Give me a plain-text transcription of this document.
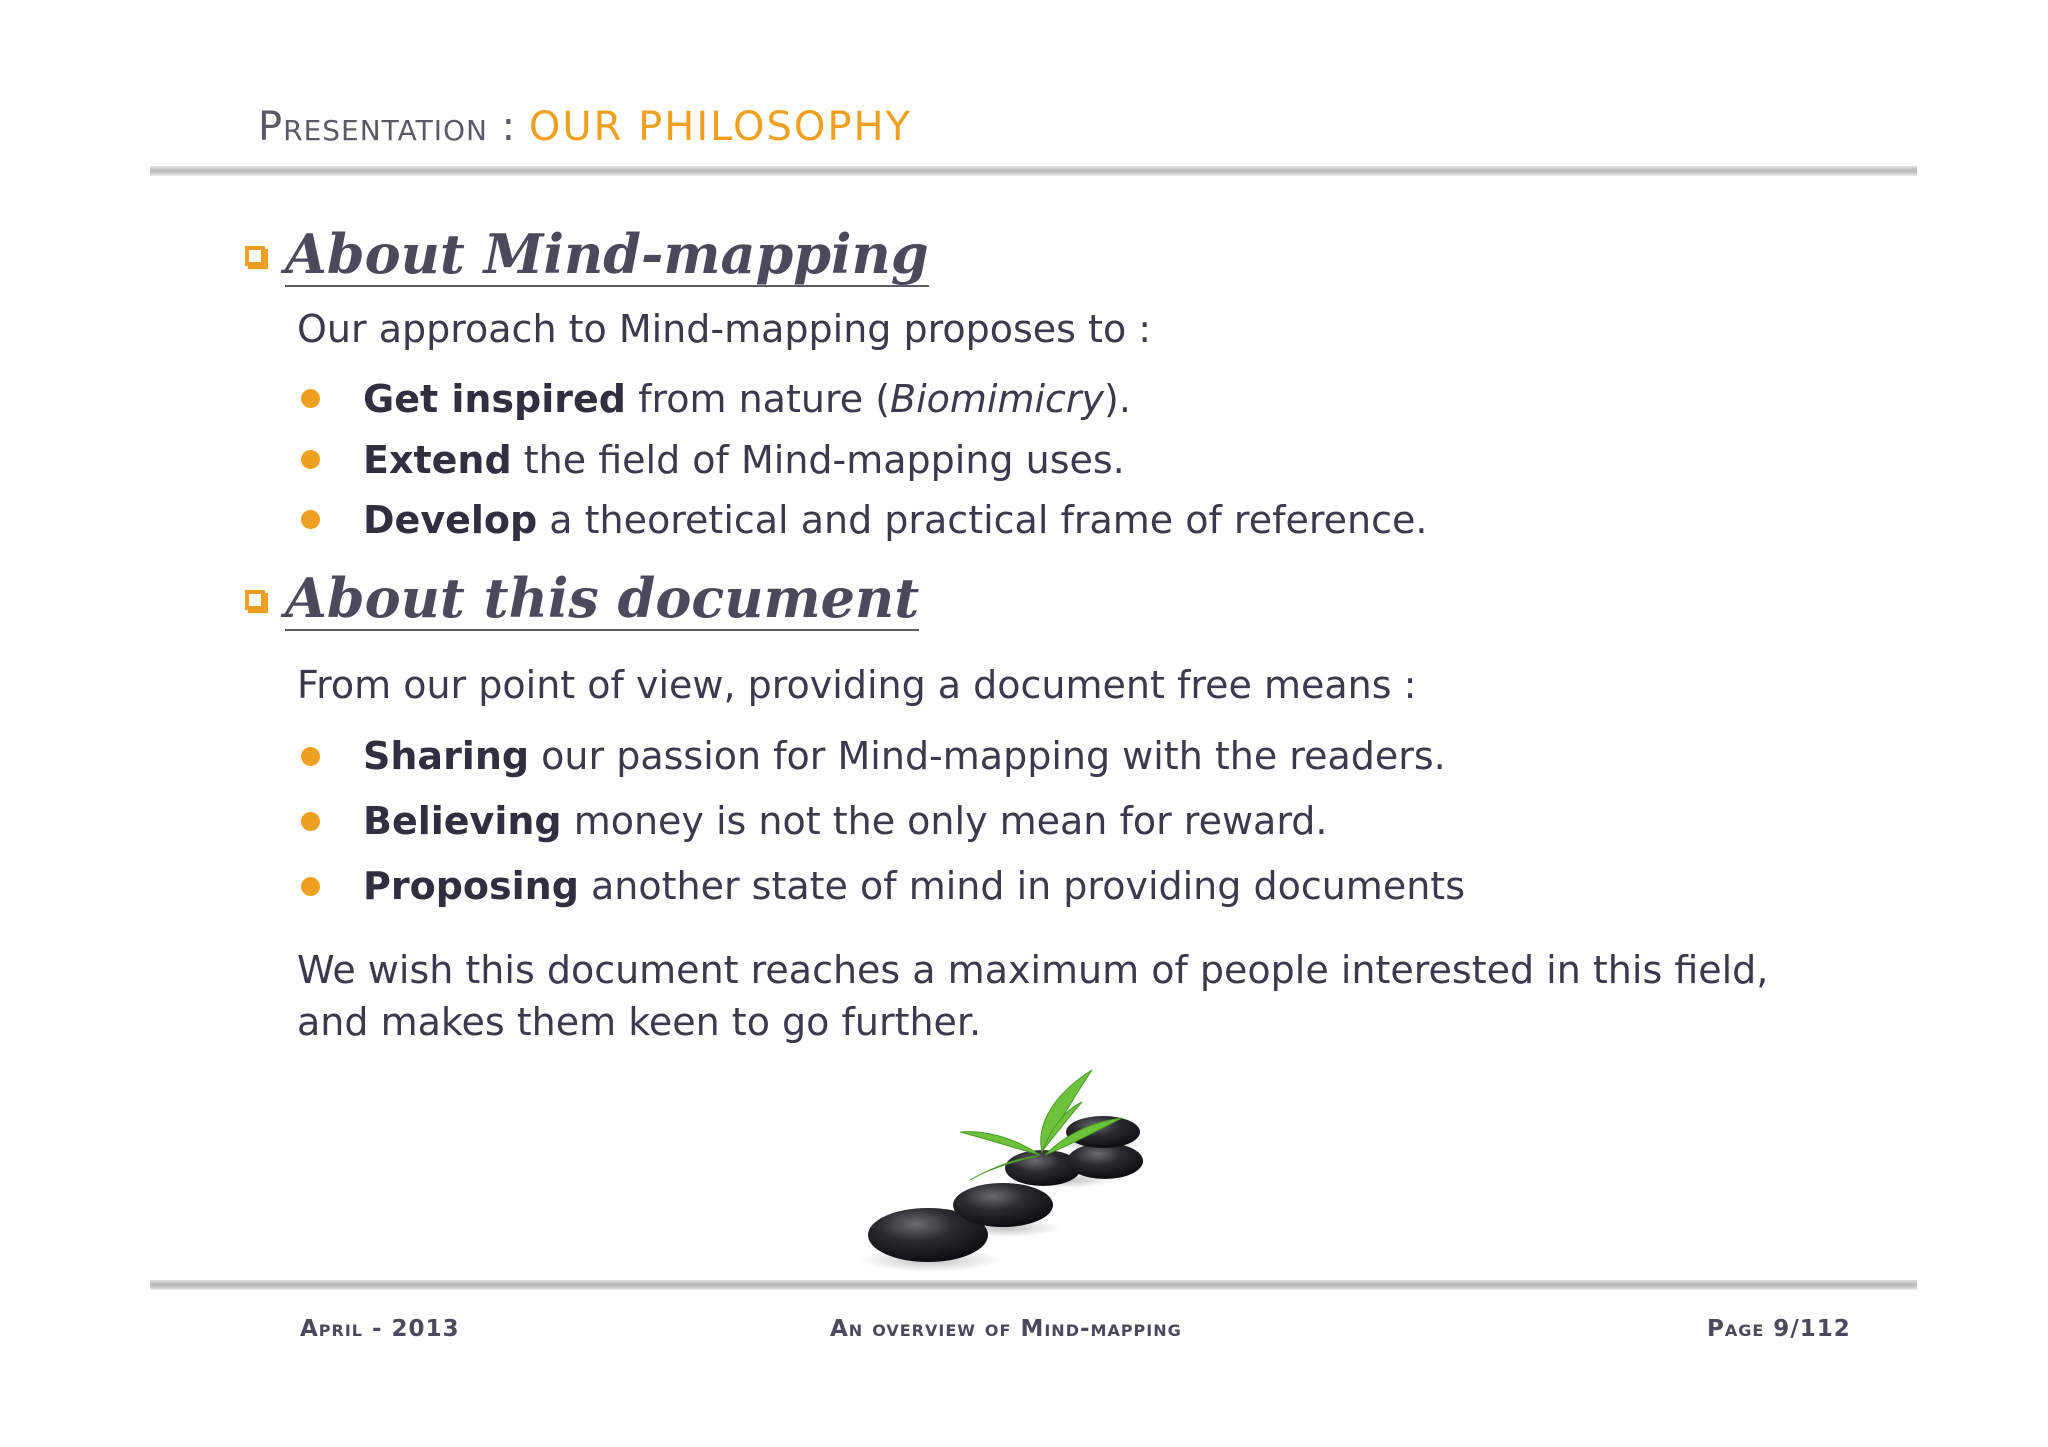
Presentation : OUR PHILOSOPHY
About Mind-mapping
Our approach to Mind-mapping proposes to :
Get inspired from nature (Biomimicry).
Extend the field of Mind-mapping uses.
Develop a theoretical and practical frame of reference.
About this document
From our point of view, providing a document free means :
Sharing our passion for Mind-mapping with the readers.
Believing money is not the only mean for reward.
Proposing another state of mind in providing documents
We wish this document reaches a maximum of people interested in this field,
and makes them keen to go further.
April - 2013	An overview of Mind-mapping	Page 9/112
